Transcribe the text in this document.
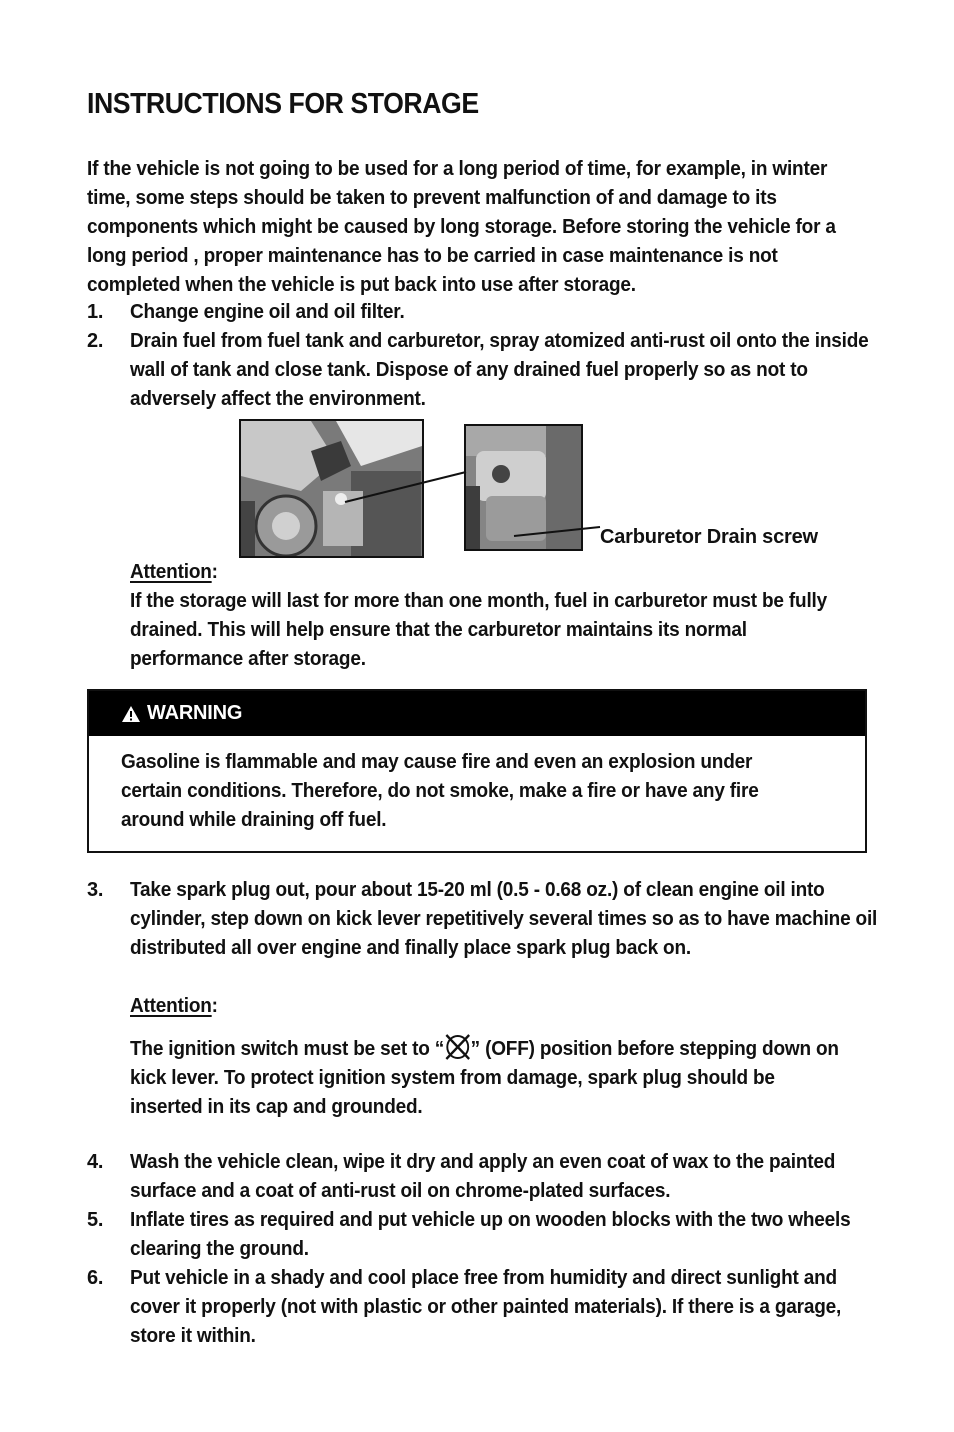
INSTRUCTIONS FOR STORAGE
If the vehicle is not going to be used for a long period of time, for example, in winter time, some steps should be taken to prevent malfunction of and damage to its components which might be caused by long storage. Before storing the vehicle for a long period , proper maintenance has to be carried in case maintenance is not completed when the vehicle is put back into use after storage.
1.	Change engine oil and oil filter.
2.	Drain fuel from fuel tank and carburetor, spray atomized anti-rust oil onto the inside wall of tank and close tank. Dispose of any drained fuel properly so as not to adversely affect the environment.
Carburetor Drain screw
Attention:
If the storage will last for more than one month, fuel in carburetor must be fully drained. This will help ensure that the carburetor maintains its normal performance after storage.
WARNING
Gasoline is flammable and may cause fire and even an explosion under certain conditions. Therefore, do not smoke, make a fire or have any fire around while draining off fuel.
3.	Take spark plug out, pour about 15-20 ml (0.5 - 0.68 oz.) of clean engine oil into cylinder, step down on kick lever repetitively several times so as to have machine oil distributed all over engine and finally place spark plug back on.
Attention:
The ignition switch must be set to “ ” (OFF) position before stepping down on kick lever. To protect ignition system from damage, spark plug should be inserted in its cap and grounded.
4.	Wash the vehicle clean, wipe it dry and apply an even coat of wax to the painted surface and a coat of anti-rust oil on chrome-plated surfaces.
5.	Inflate tires as required and put vehicle up on wooden blocks with the two wheels clearing the ground.
6.	Put vehicle in a shady and cool place free from humidity and direct sunlight and cover it properly (not with plastic or other painted materials). If there is a garage, store it within.
